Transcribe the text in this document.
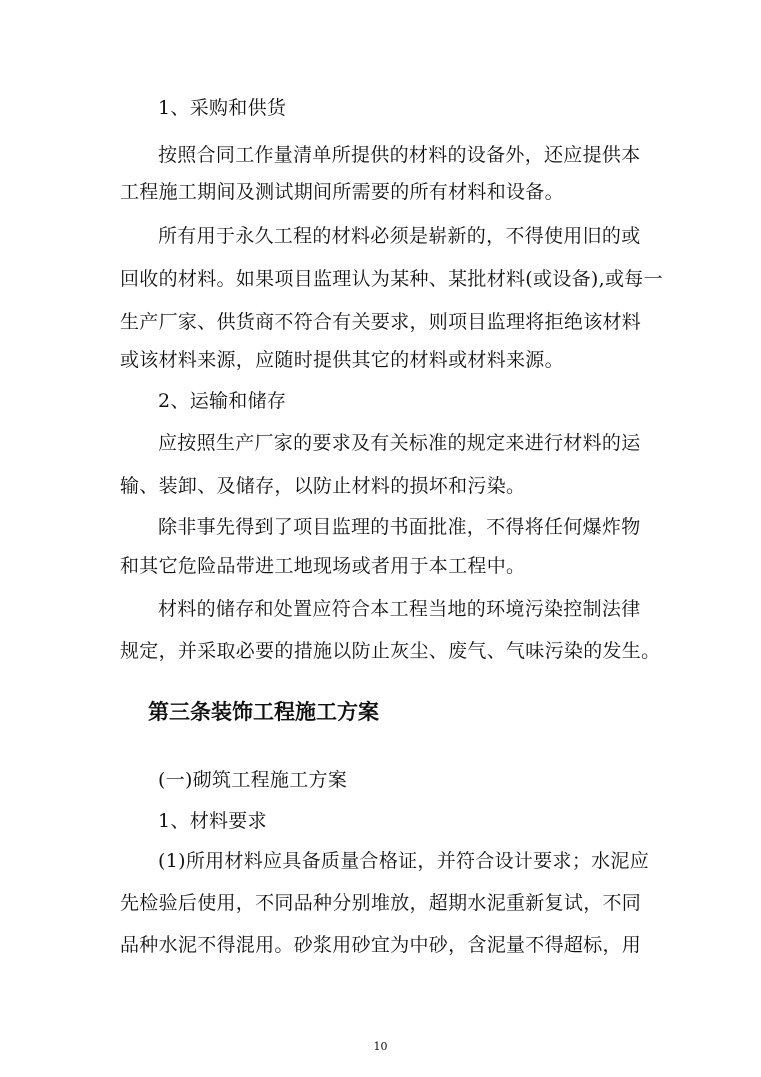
1、采购和供货
按照合同工作量清单所提供的材料的设备外，还应提供本
工程施工期间及测试期间所需要的所有材料和设备。
所有用于永久工程的材料必须是崭新的，不得使用旧的或
回收的材料。如果项目监理认为某种、某批材料(或设备),或每一
生产厂家、供货商不符合有关要求，则项目监理将拒绝该材料
或该材料来源，应随时提供其它的材料或材料来源。
2、运输和储存
应按照生产厂家的要求及有关标准的规定来进行材料的运
输、装卸、及储存，以防止材料的损坏和污染。
除非事先得到了项目监理的书面批准，不得将任何爆炸物
和其它危险品带进工地现场或者用于本工程中。
材料的储存和处置应符合本工程当地的环境污染控制法律
规定，并采取必要的措施以防止灰尘、废气、气味污染的发生。
第三条装饰工程施工方案
(一)砌筑工程施工方案
1、材料要求
(1)所用材料应具备质量合格证，并符合设计要求；水泥应
先检验后使用，不同品种分别堆放，超期水泥重新复试，不同
品种水泥不得混用。砂浆用砂宜为中砂，含泥量不得超标，用
10
